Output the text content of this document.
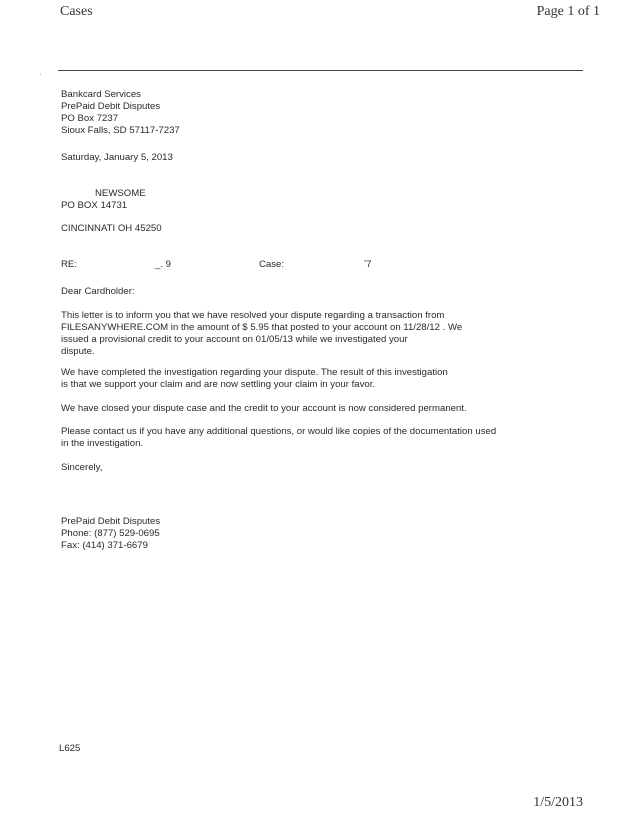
Cases	Page 1 of 1
'
Bankcard Services
PrePaid Debit Disputes
PO Box 7237
Sioux Falls, SD 57117-7237
Saturday, January 5, 2013
NEWSOME
PO BOX 14731
CINCINNATI OH 45250
RE:	_. 9	Case:	ʼ7
Dear Cardholder:
This letter is to inform you that we have resolved your dispute regarding a transaction from
FILESANYWHERE.COM in the amount of $ 5.95 that posted to your account on 11/28/12 . We
issued a provisional credit to your account on 01/05/13 while we investigated your
dispute.
We have completed the investigation regarding your dispute. The result of this investigation
is that we support your claim and are now settling your claim in your favor.
We have closed your dispute case and the credit to your account is now considered permanent.
Please contact us if you have any additional questions, or would like copies of the documentation used
in the investigation.
Sincerely,
PrePaid Debit Disputes
Phone: (877) 529-0695
Fax: (414) 371-6679
L625
1/5/2013
